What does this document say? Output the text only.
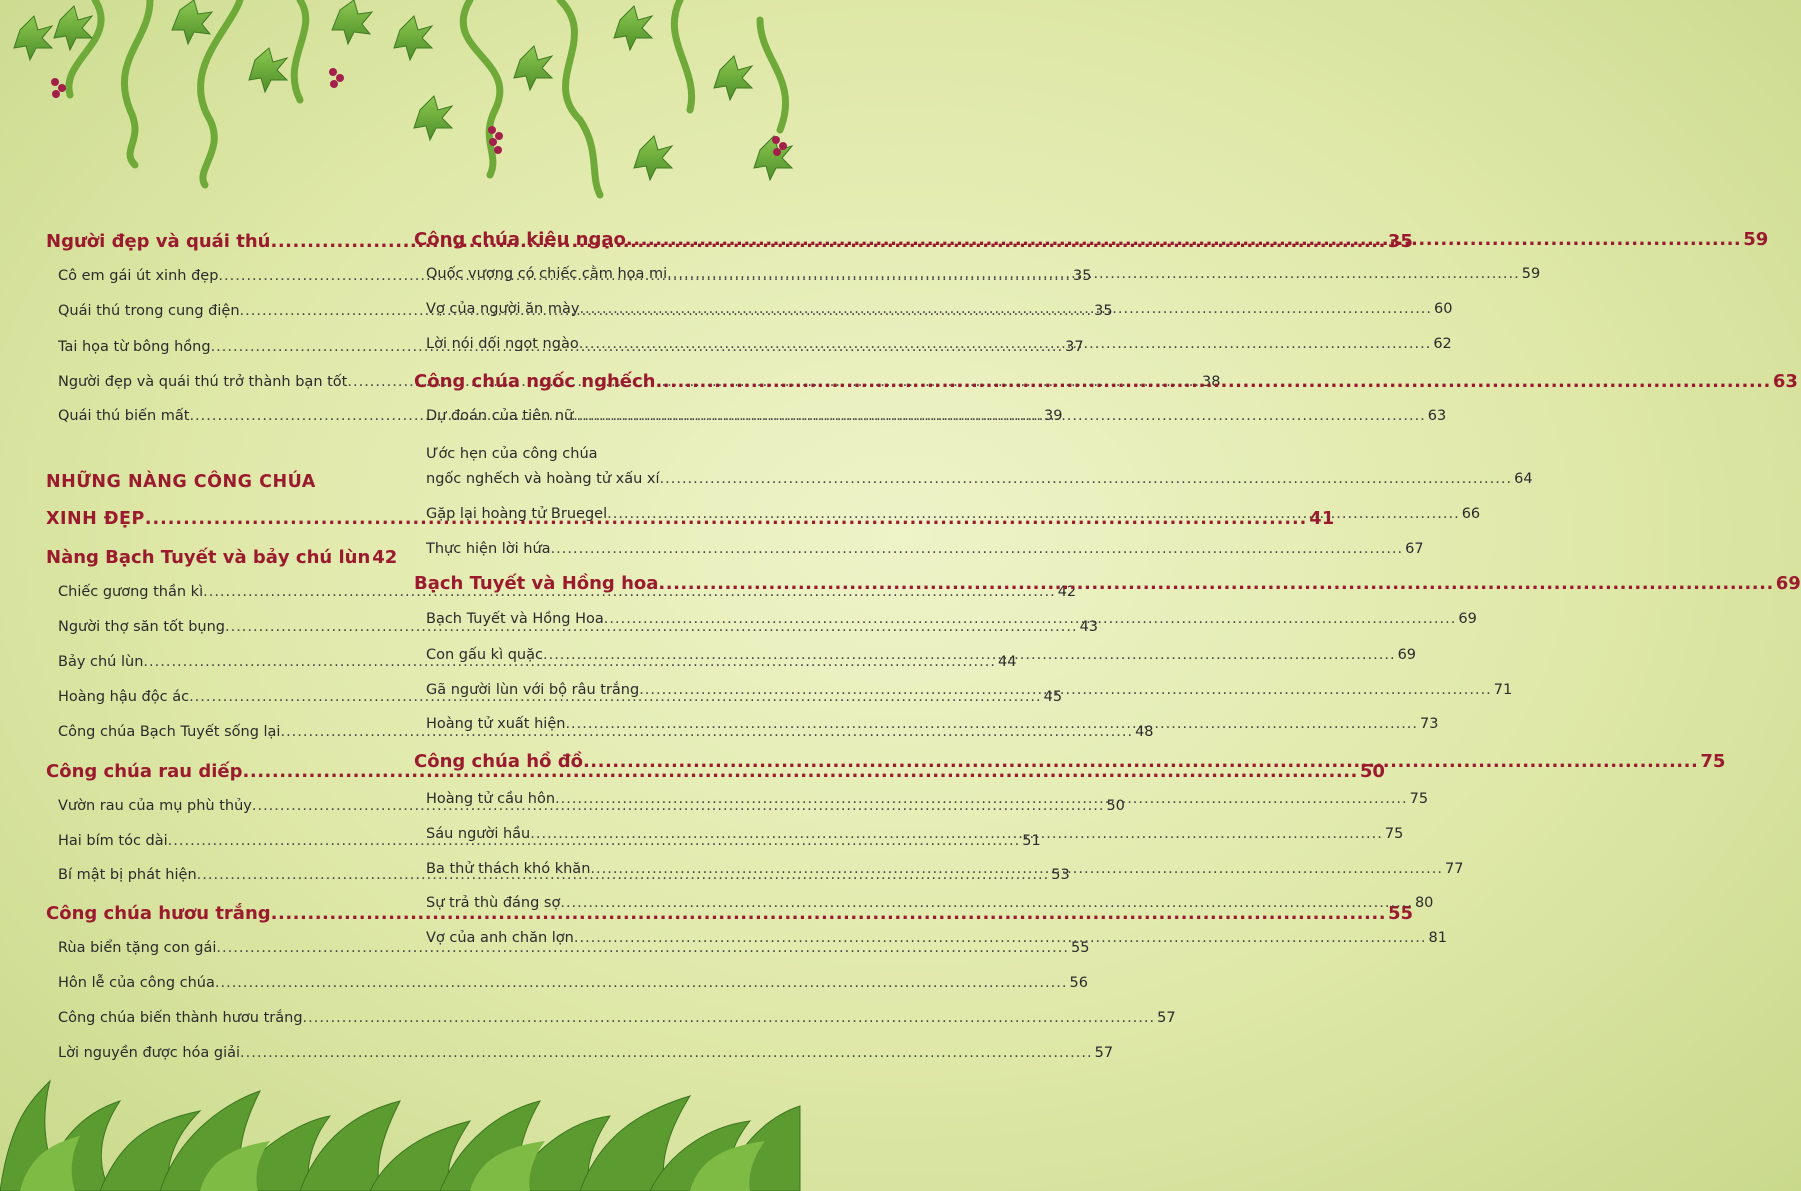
Người đẹp và quái thú .....	35
Cô em gái út xinh đẹp .....	35
Quái thú trong cung điện .....	35
Tai họa từ bông hồng .....	37
Người đẹp và quái thú trở thành bạn tốt .....	38
Quái thú biến mất .....	39
NHỮNG NÀNG CÔNG CHÚA
XINH ĐẸP .....	41
Nàng Bạch Tuyết và bảy chú lùn 42
Chiếc gương thần kì .....	42
Người thợ săn tốt bụng .....	43
Bảy chú lùn .....	44
Hoàng hậu độc ác .....	45
Công chúa Bạch Tuyết sống lại .....	48
Công chúa rau diếp .....	50
Vườn rau của mụ phù thủy .....	50
Hai bím tóc dài .....	51
Bí mật bị phát hiện .....	53
Công chúa hươu trắng .....	55
Rùa biển tặng con gái .....	55
Hôn lễ của công chúa .....	56
Công chúa biến thành hươu trắng .....	57
Lời nguyền được hóa giải .....	57
Công chúa kiêu ngạo .....	59
Quốc vương có chiếc cằm họa mi .....	59
Vợ của người ăn mày .....	60
Lời nói dối ngọt ngào .....	62
Công chúa ngốc nghếch .....	63
Dự đoán của tiên nữ .....	63
Ước hẹn của công chúa
ngốc nghếch và hoàng tử xấu xí .....	64
Gặp lại hoàng tử Bruegel .....	66
Thực hiện lời hứa .....	67
Bạch Tuyết và Hồng hoa .....	69
Bạch Tuyết và Hồng Hoa .....	69
Con gấu kì quặc .....	69
Gã người lùn với bộ râu trắng .....	71
Hoàng tử xuất hiện .....	73
Công chúa hồ đồ .....	75
Hoàng tử cầu hôn .....	75
Sáu người hầu .....	75
Ba thử thách khó khăn .....	77
Sự trả thù đáng sợ .....	80
Vợ của anh chăn lợn .....	81
